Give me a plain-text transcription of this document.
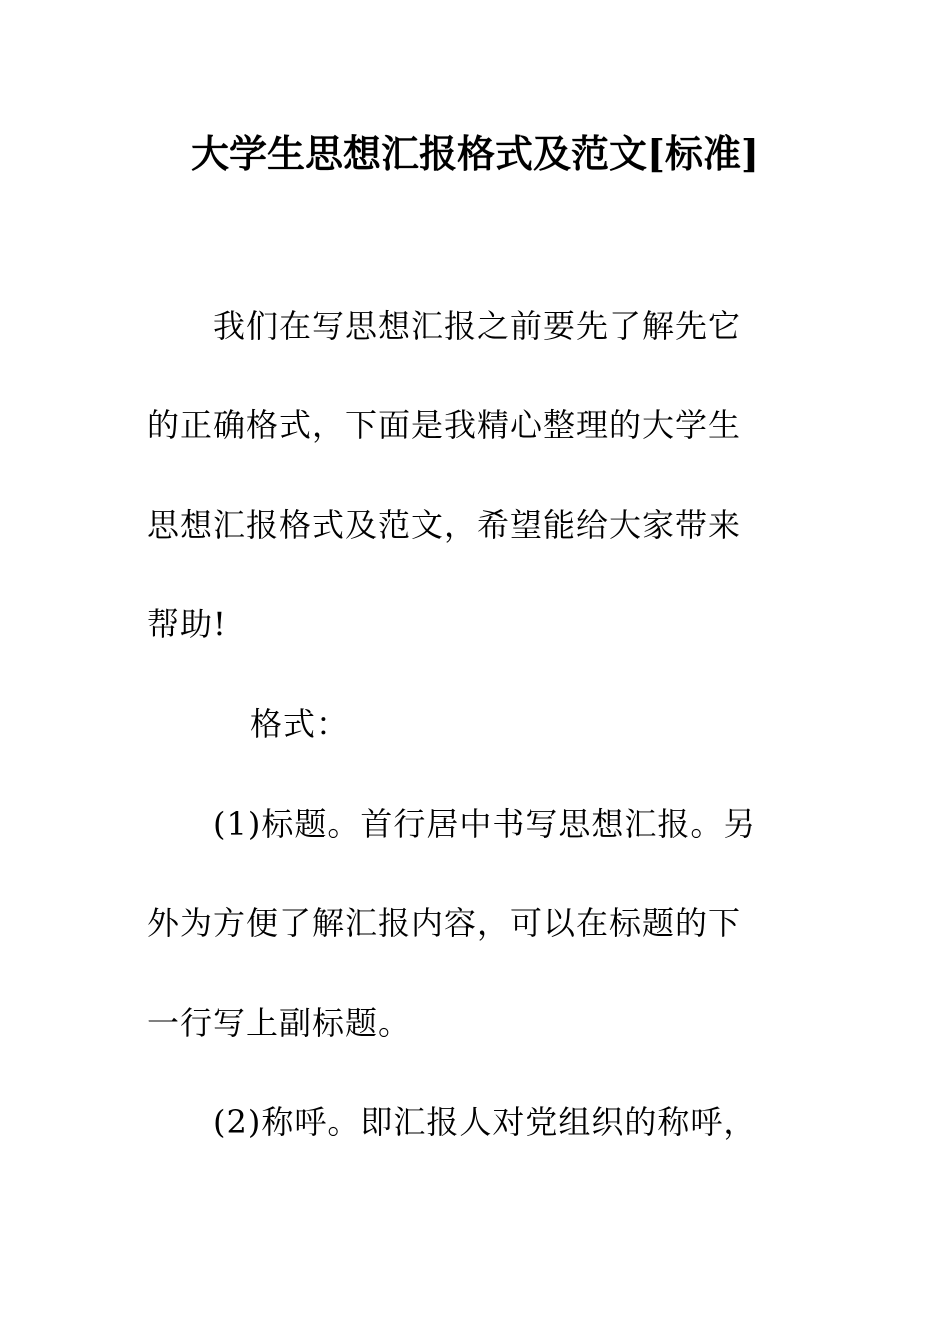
大学生思想汇报格式及范文[标准]
我们在写思想汇报之前要先了解先它
的正确格式，下面是我精心整理的大学生
思想汇报格式及范文，希望能给大家带来
帮助!
格式：
(1)标题。首行居中书写思想汇报。另
外为方便了解汇报内容，可以在标题的下
一行写上副标题。
(2)称呼。即汇报人对党组织的称呼，
